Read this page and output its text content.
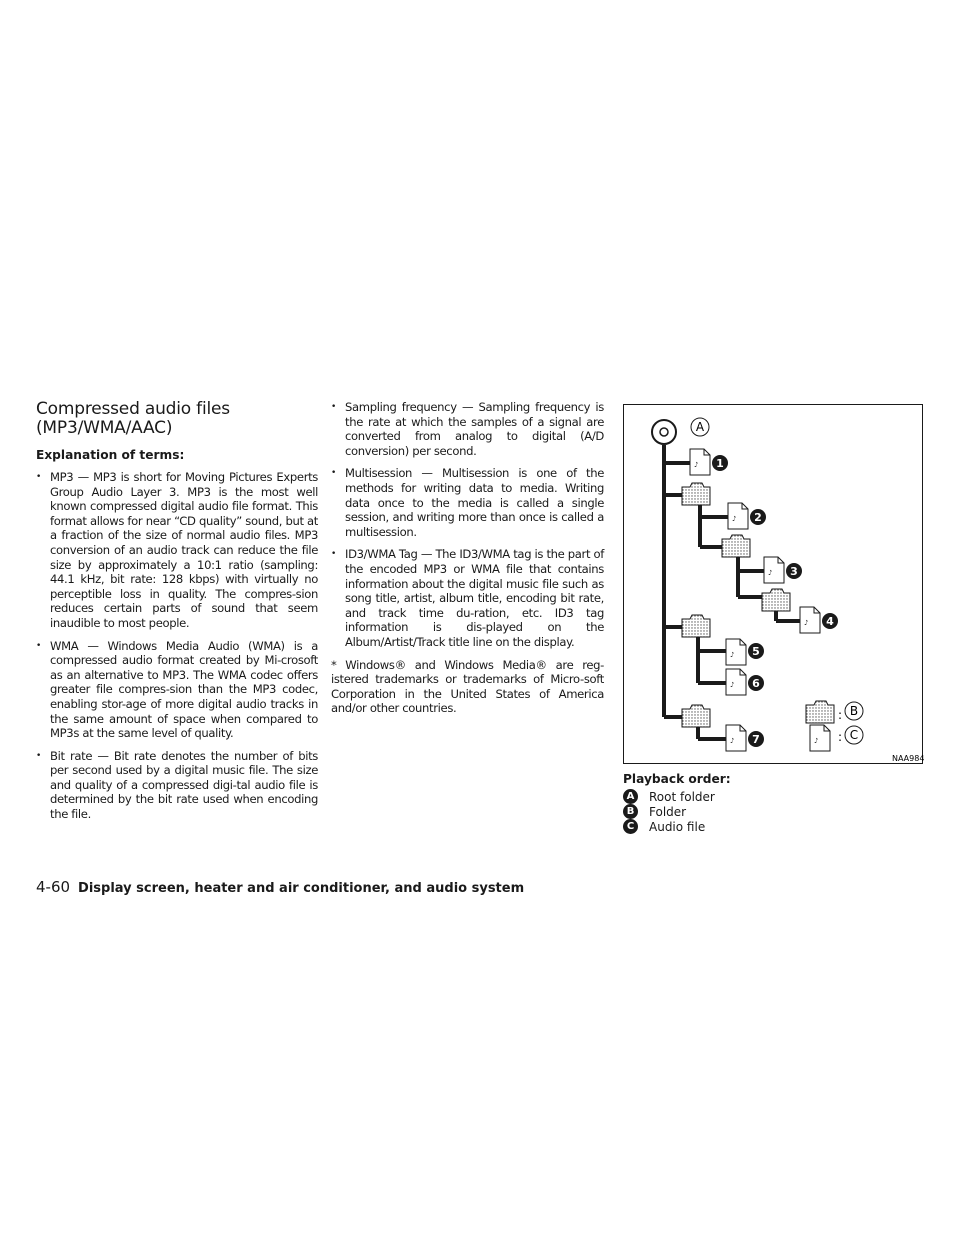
Compressed audio files
(MP3/WMA/AAC)
Explanation of terms:
• MP3 — MP3 is short for Moving Pictures Experts Group Audio Layer 3. MP3 is the most well known compressed digital audio file format. This format allows for near “CD quality” sound, but at a fraction of the size of normal audio files. MP3 conversion of an audio track can reduce the file size by approximately a 10:1 ratio (sampling: 44.1 kHz, bit rate: 128 kbps) with virtually no perceptible loss in quality. The compres-sion reduces certain parts of sound that seem inaudible to most people.
• WMA — Windows Media Audio (WMA) is a compressed audio format created by Mi-crosoft as an alternative to MP3. The WMA codec offers greater file compres-sion than the MP3 codec, enabling stor-age of more digital audio tracks in the same amount of space when compared to MP3s at the same level of quality.
• Bit rate — Bit rate denotes the number of bits per second used by a digital music file. The size and quality of a compressed digi-tal audio file is determined by the bit rate used when encoding the file.
• Sampling frequency — Sampling frequency is the rate at which the samples of a signal are converted from analog to digital (A/D conversion) per second.
• Multisession — Multisession is one of the methods for writing data to media. Writing data once to the media is called a single session, and writing more than once is called a multisession.
• ID3/WMA Tag — The ID3/WMA tag is the part of the encoded MP3 or WMA file that contains information about the digital music file such as song title, artist, album title, encoding bit rate, and track time du-ration, etc. ID3 tag information is dis-played on the Album/Artist/Track title line on the display.
* Windows® and Windows Media® are reg-istered trademarks or trademarks of Micro-soft Corporation in the United States of America and/or other countries.
♪	A
1
2
3
4
5
6
7
: B
: C
NAA984
Playback order:
A	Root folder
B	Folder
C	Audio file
4-60 Display screen, heater and air conditioner, and audio system
